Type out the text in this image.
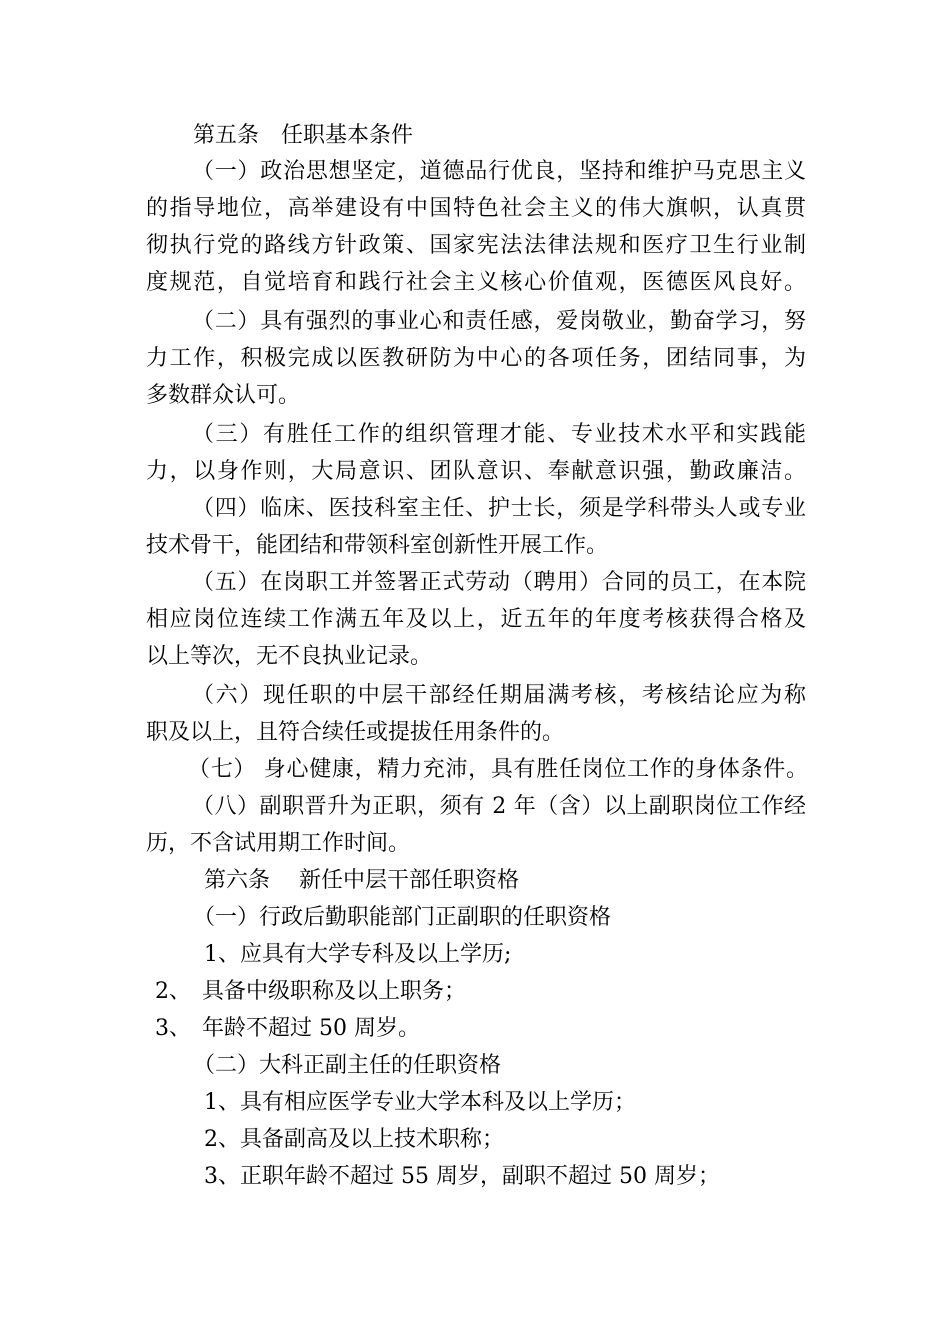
第五条　任职基本条件
（一）政治思想坚定，道德品行优良，坚持和维护马克思主义
的指导地位，高举建设有中国特色社会主义的伟大旗帜，认真贯
彻执行党的路线方针政策、国家宪法法律法规和医疗卫生行业制
度规范，自觉培育和践行社会主义核心价值观，医德医风良好。
（二）具有强烈的事业心和责任感，爱岗敬业，勤奋学习，努
力工作，积极完成以医教研防为中心的各项任务，团结同事，为
多数群众认可。
（三）有胜任工作的组织管理才能、专业技术水平和实践能
力，以身作则，大局意识、团队意识、奉献意识强，勤政廉洁。
（四）临床、医技科室主任、护士长，须是学科带头人或专业
技术骨干，能团结和带领科室创新性开展工作。
（五）在岗职工并签署正式劳动（聘用）合同的员工，在本院
相应岗位连续工作满五年及以上，近五年的年度考核获得合格及
以上等次，无不良执业记录。
（六）现任职的中层干部经任期届满考核，考核结论应为称
职及以上，且符合续任或提拔任用条件的。
（七） 身心健康，精力充沛，具有胜任岗位工作的身体条件。
（八）副职晋升为正职，须有 2 年（含）以上副职岗位工作经
历，不含试用期工作时间。
第六条　 新任中层干部任职资格
（一）行政后勤职能部门正副职的任职资格
1、应具有大学专科及以上学历;
2、　具备中级职称及以上职务；
3、　年龄不超过 50 周岁。
（二）大科正副主任的任职资格
1、具有相应医学专业大学本科及以上学历；
2、具备副高及以上技术职称；
3、正职年龄不超过 55 周岁，副职不超过 50 周岁；
